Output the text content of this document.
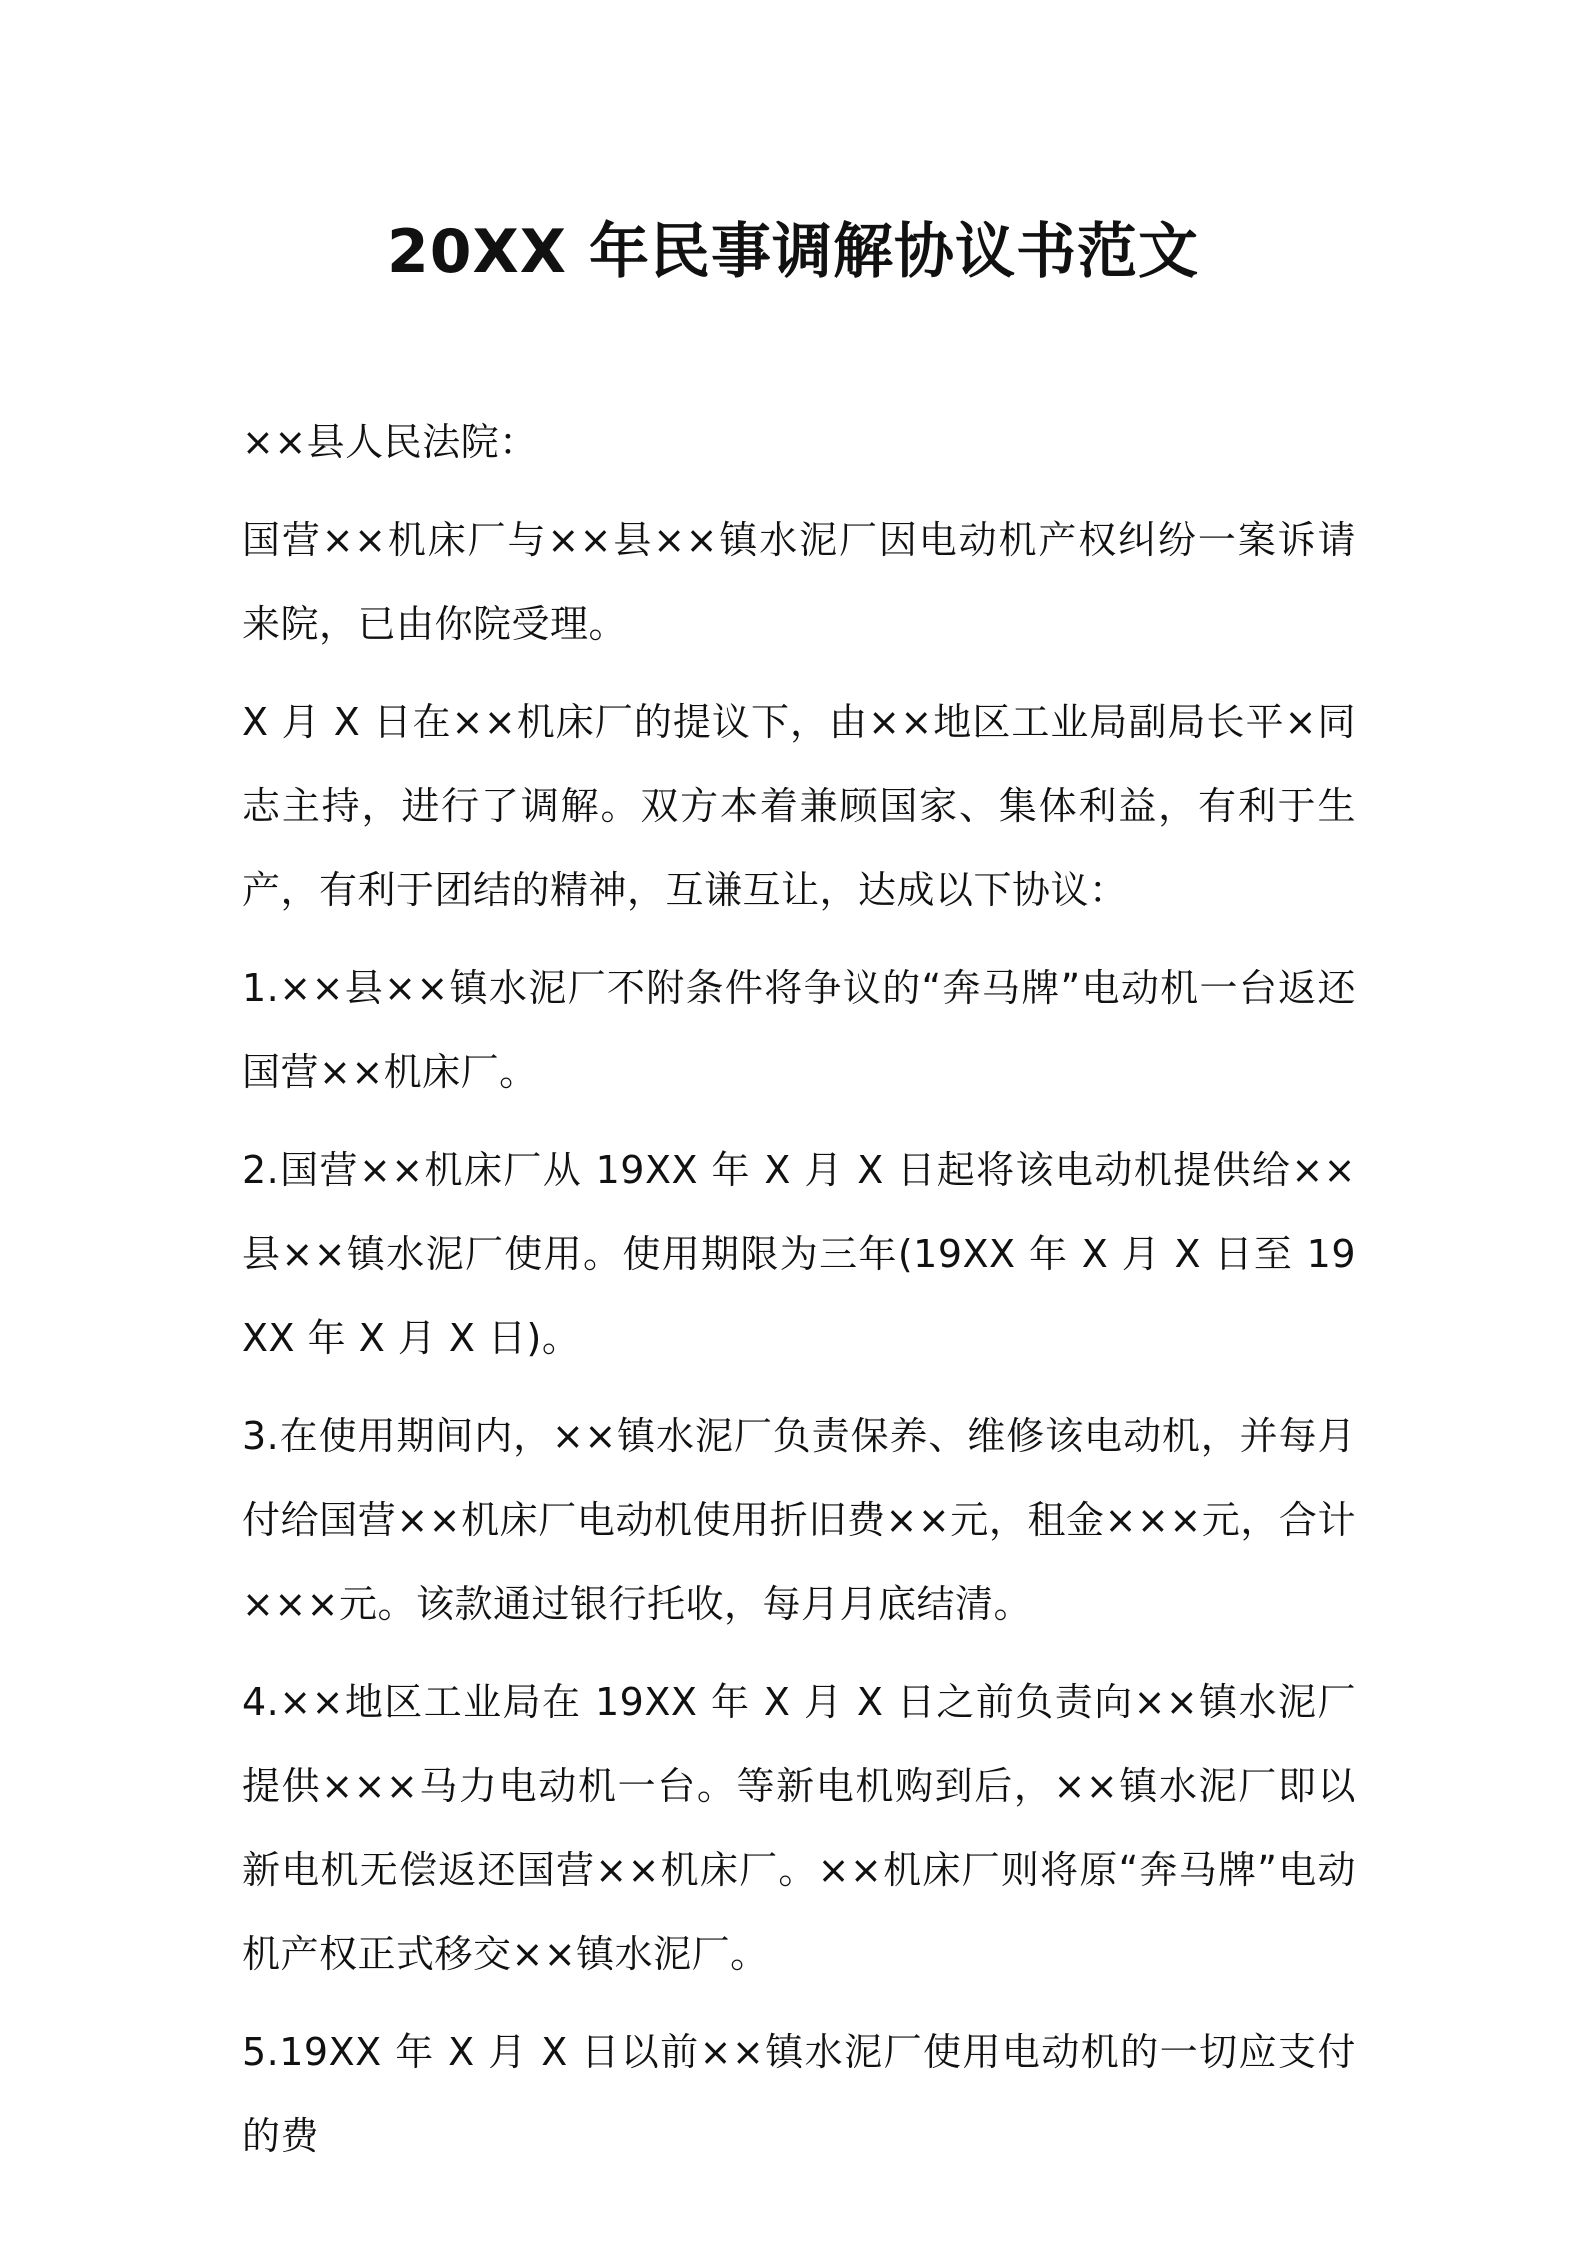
20XX 年民事调解协议书范文

××县人民法院：

国营××机床厂与××县××镇水泥厂因电动机产权纠纷一案诉请来院，已由你院受理。

X 月 X 日在××机床厂的提议下，由××地区工业局副局长平×同志主持，进行了调解。双方本着兼顾国家、集体利益，有利于生产，有利于团结的精神，互谦互让，达成以下协议：

1.××县××镇水泥厂不附条件将争议的“奔马牌”电动机一台返还国营××机床厂。

2.国营××机床厂从 19XX 年 X 月 X 日起将该电动机提供给××县××镇水泥厂使用。使用期限为三年(19XX 年 X 月 X 日至 19XX 年 X 月 X 日)。

3.在使用期间内，××镇水泥厂负责保养、维修该电动机，并每月付给国营××机床厂电动机使用折旧费××元，租金×××元，合计×××元。该款通过银行托收，每月月底结清。

4.××地区工业局在 19XX 年 X 月 X 日之前负责向××镇水泥厂提供×××马力电动机一台。等新电机购到后，××镇水泥厂即以新电机无偿返还国营××机床厂。××机床厂则将原“奔马牌”电动机产权正式移交××镇水泥厂。

5.19XX 年 X 月 X 日以前××镇水泥厂使用电动机的一切应支付的费
